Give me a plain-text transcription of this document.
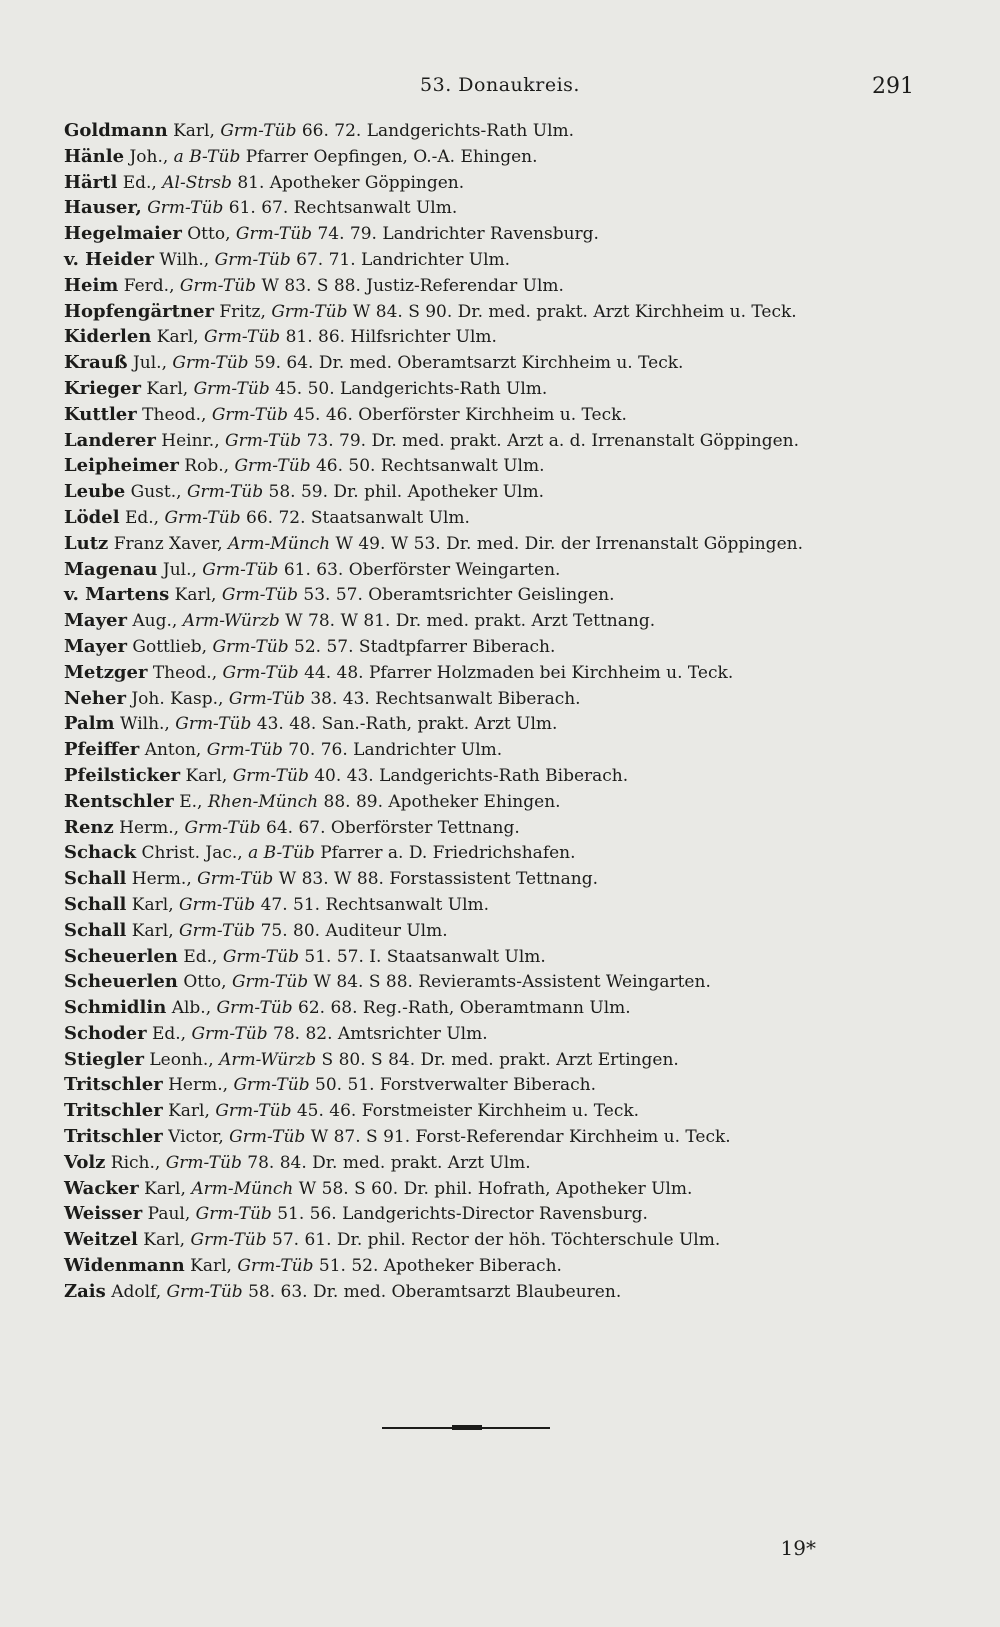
53. Donaukreis.	291
Goldmann Karl, Grm-Tüb 66. 72. Landgerichts-Rath Ulm.
Hänle Joh., a B-Tüb Pfarrer Oepfingen, O.-A. Ehingen.
Härtl Ed., Al-Strsb 81. Apotheker Göppingen.
Hauser, Grm-Tüb 61. 67. Rechtsanwalt Ulm.
Hegelmaier Otto, Grm-Tüb 74. 79. Landrichter Ravensburg.
v. Heider Wilh., Grm-Tüb 67. 71. Landrichter Ulm.
Heim Ferd., Grm-Tüb W 83. S 88. Justiz-Referendar Ulm.
Hopfengärtner Fritz, Grm-Tüb W 84. S 90. Dr. med. prakt. Arzt Kirchheim u. Teck.
Kiderlen Karl, Grm-Tüb 81. 86. Hilfsrichter Ulm.
Krauß Jul., Grm-Tüb 59. 64. Dr. med. Oberamtsarzt Kirchheim u. Teck.
Krieger Karl, Grm-Tüb 45. 50. Landgerichts-Rath Ulm.
Kuttler Theod., Grm-Tüb 45. 46. Oberförster Kirchheim u. Teck.
Landerer Heinr., Grm-Tüb 73. 79. Dr. med. prakt. Arzt a. d. Irrenanstalt Göppingen.
Leipheimer Rob., Grm-Tüb 46. 50. Rechtsanwalt Ulm.
Leube Gust., Grm-Tüb 58. 59. Dr. phil. Apotheker Ulm.
Lödel Ed., Grm-Tüb 66. 72. Staatsanwalt Ulm.
Lutz Franz Xaver, Arm-Münch W 49. W 53. Dr. med. Dir. der Irrenanstalt Göppingen.
Magenau Jul., Grm-Tüb 61. 63. Oberförster Weingarten.
v. Martens Karl, Grm-Tüb 53. 57. Oberamtsrichter Geislingen.
Mayer Aug., Arm-Würzb W 78. W 81. Dr. med. prakt. Arzt Tettnang.
Mayer Gottlieb, Grm-Tüb 52. 57. Stadtpfarrer Biberach.
Metzger Theod., Grm-Tüb 44. 48. Pfarrer Holzmaden bei Kirchheim u. Teck.
Neher Joh. Kasp., Grm-Tüb 38. 43. Rechtsanwalt Biberach.
Palm Wilh., Grm-Tüb 43. 48. San.-Rath, prakt. Arzt Ulm.
Pfeiffer Anton, Grm-Tüb 70. 76. Landrichter Ulm.
Pfeilsticker Karl, Grm-Tüb 40. 43. Landgerichts-Rath Biberach.
Rentschler E., Rhen-Münch 88. 89. Apotheker Ehingen.
Renz Herm., Grm-Tüb 64. 67. Oberförster Tettnang.
Schack Christ. Jac., a B-Tüb Pfarrer a. D. Friedrichshafen.
Schall Herm., Grm-Tüb W 83. W 88. Forstassistent Tettnang.
Schall Karl, Grm-Tüb 47. 51. Rechtsanwalt Ulm.
Schall Karl, Grm-Tüb 75. 80. Auditeur Ulm.
Scheuerlen Ed., Grm-Tüb 51. 57. I. Staatsanwalt Ulm.
Scheuerlen Otto, Grm-Tüb W 84. S 88. Revieramts-Assistent Weingarten.
Schmidlin Alb., Grm-Tüb 62. 68. Reg.-Rath, Oberamtmann Ulm.
Schoder Ed., Grm-Tüb 78. 82. Amtsrichter Ulm.
Stiegler Leonh., Arm-Würzb S 80. S 84. Dr. med. prakt. Arzt Ertingen.
Tritschler Herm., Grm-Tüb 50. 51. Forstverwalter Biberach.
Tritschler Karl, Grm-Tüb 45. 46. Forstmeister Kirchheim u. Teck.
Tritschler Victor, Grm-Tüb W 87. S 91. Forst-Referendar Kirchheim u. Teck.
Volz Rich., Grm-Tüb 78. 84. Dr. med. prakt. Arzt Ulm.
Wacker Karl, Arm-Münch W 58. S 60. Dr. phil. Hofrath, Apotheker Ulm.
Weisser Paul, Grm-Tüb 51. 56. Landgerichts-Director Ravensburg.
Weitzel Karl, Grm-Tüb 57. 61. Dr. phil. Rector der höh. Töchterschule Ulm.
Widenmann Karl, Grm-Tüb 51. 52. Apotheker Biberach.
Zais Adolf, Grm-Tüb 58. 63. Dr. med. Oberamtsarzt Blaubeuren.
19*
